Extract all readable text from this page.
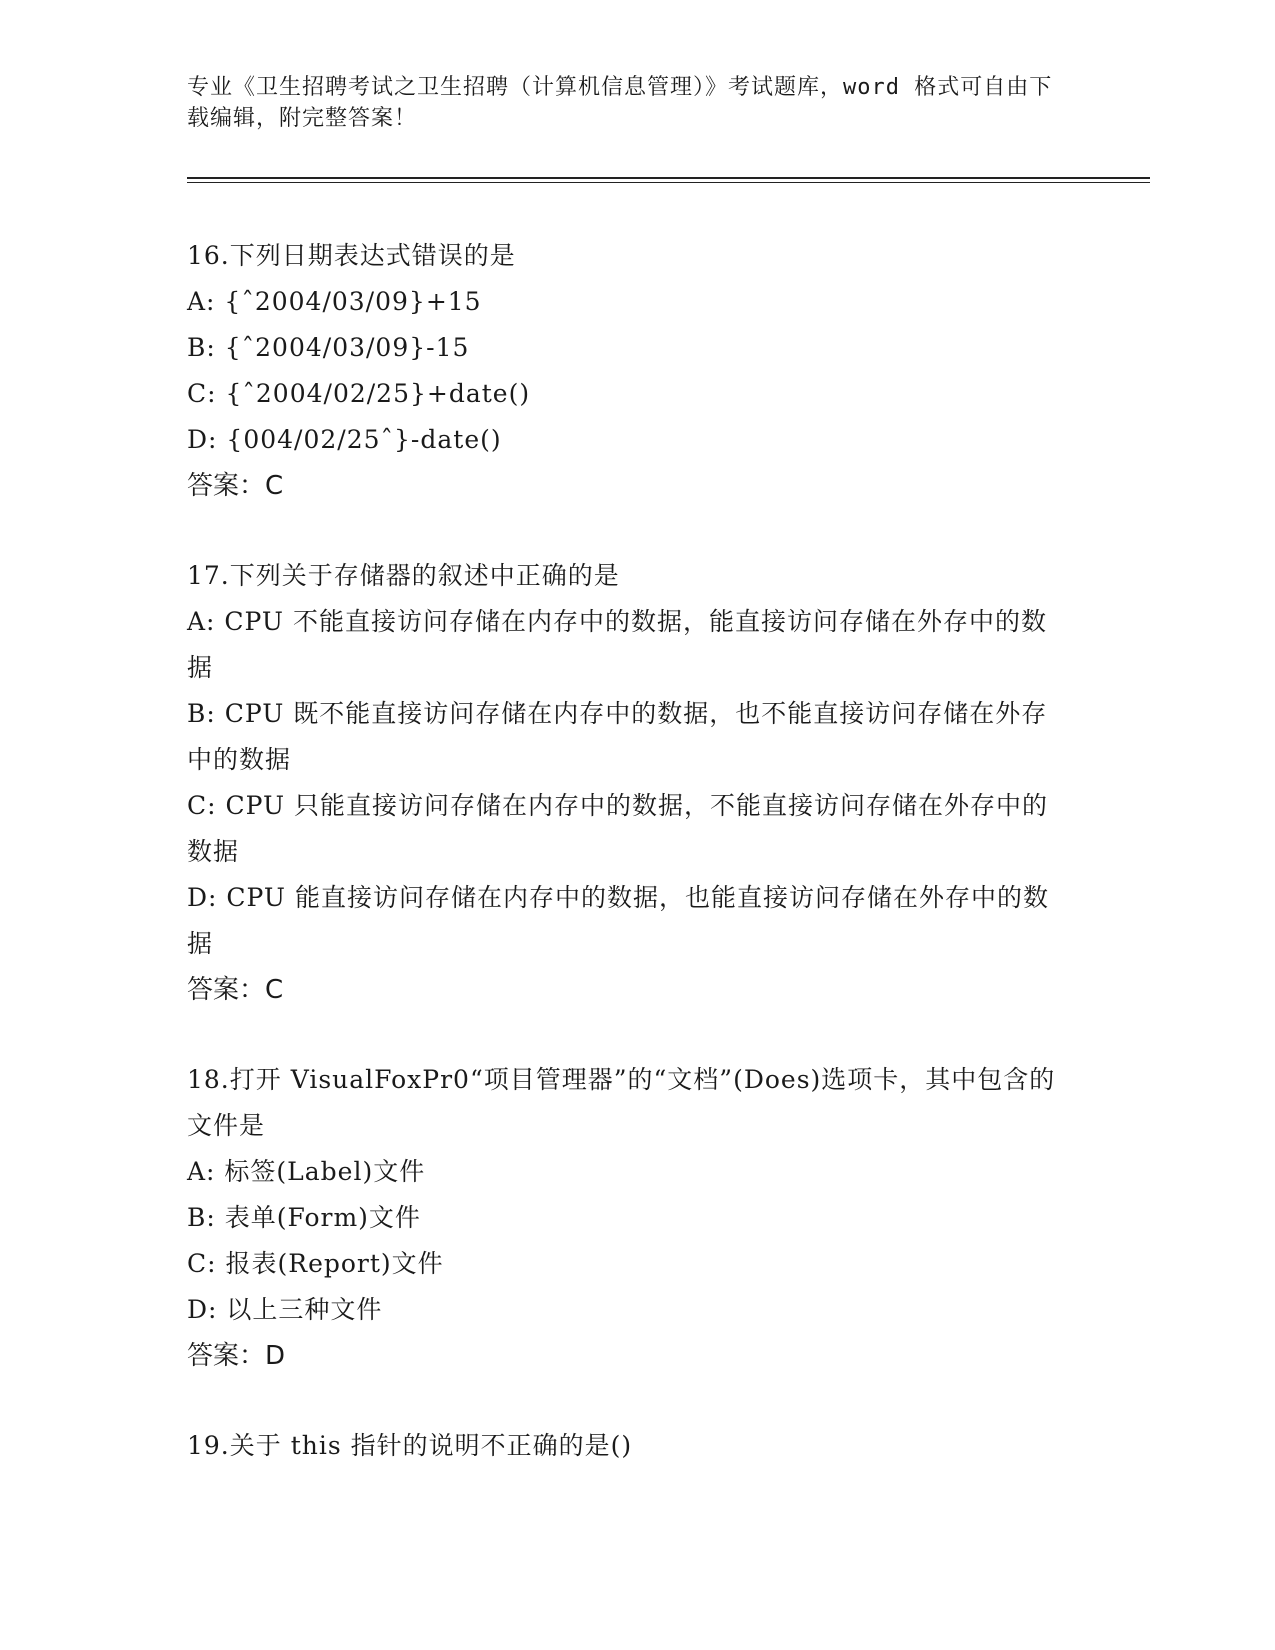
专业《卫生招聘考试之卫生招聘（计算机信息管理）》考试题库，word 格式可自由下载编辑，附完整答案！
16.下列日期表达式错误的是
A: {ˆ2004/03/09}+15
B: {ˆ2004/03/09}-15
C: {ˆ2004/02/25}+date()
D: {004/02/25ˆ}-date()
答案：C
17.下列关于存储器的叙述中正确的是
A: CPU 不能直接访问存储在内存中的数据，能直接访问存储在外存中的数据
B: CPU 既不能直接访问存储在内存中的数据，也不能直接访问存储在外存中的数据
C: CPU 只能直接访问存储在内存中的数据，不能直接访问存储在外存中的数据
D: CPU 能直接访问存储在内存中的数据，也能直接访问存储在外存中的数据
答案：C
18.打开 VisualFoxPr0“项目管理器”的“文档”(Does)选项卡，其中包含的文件是
A: 标签(Label)文件
B: 表单(Form)文件
C: 报表(Report)文件
D: 以上三种文件
答案：D
19.关于 this 指针的说明不正确的是()
